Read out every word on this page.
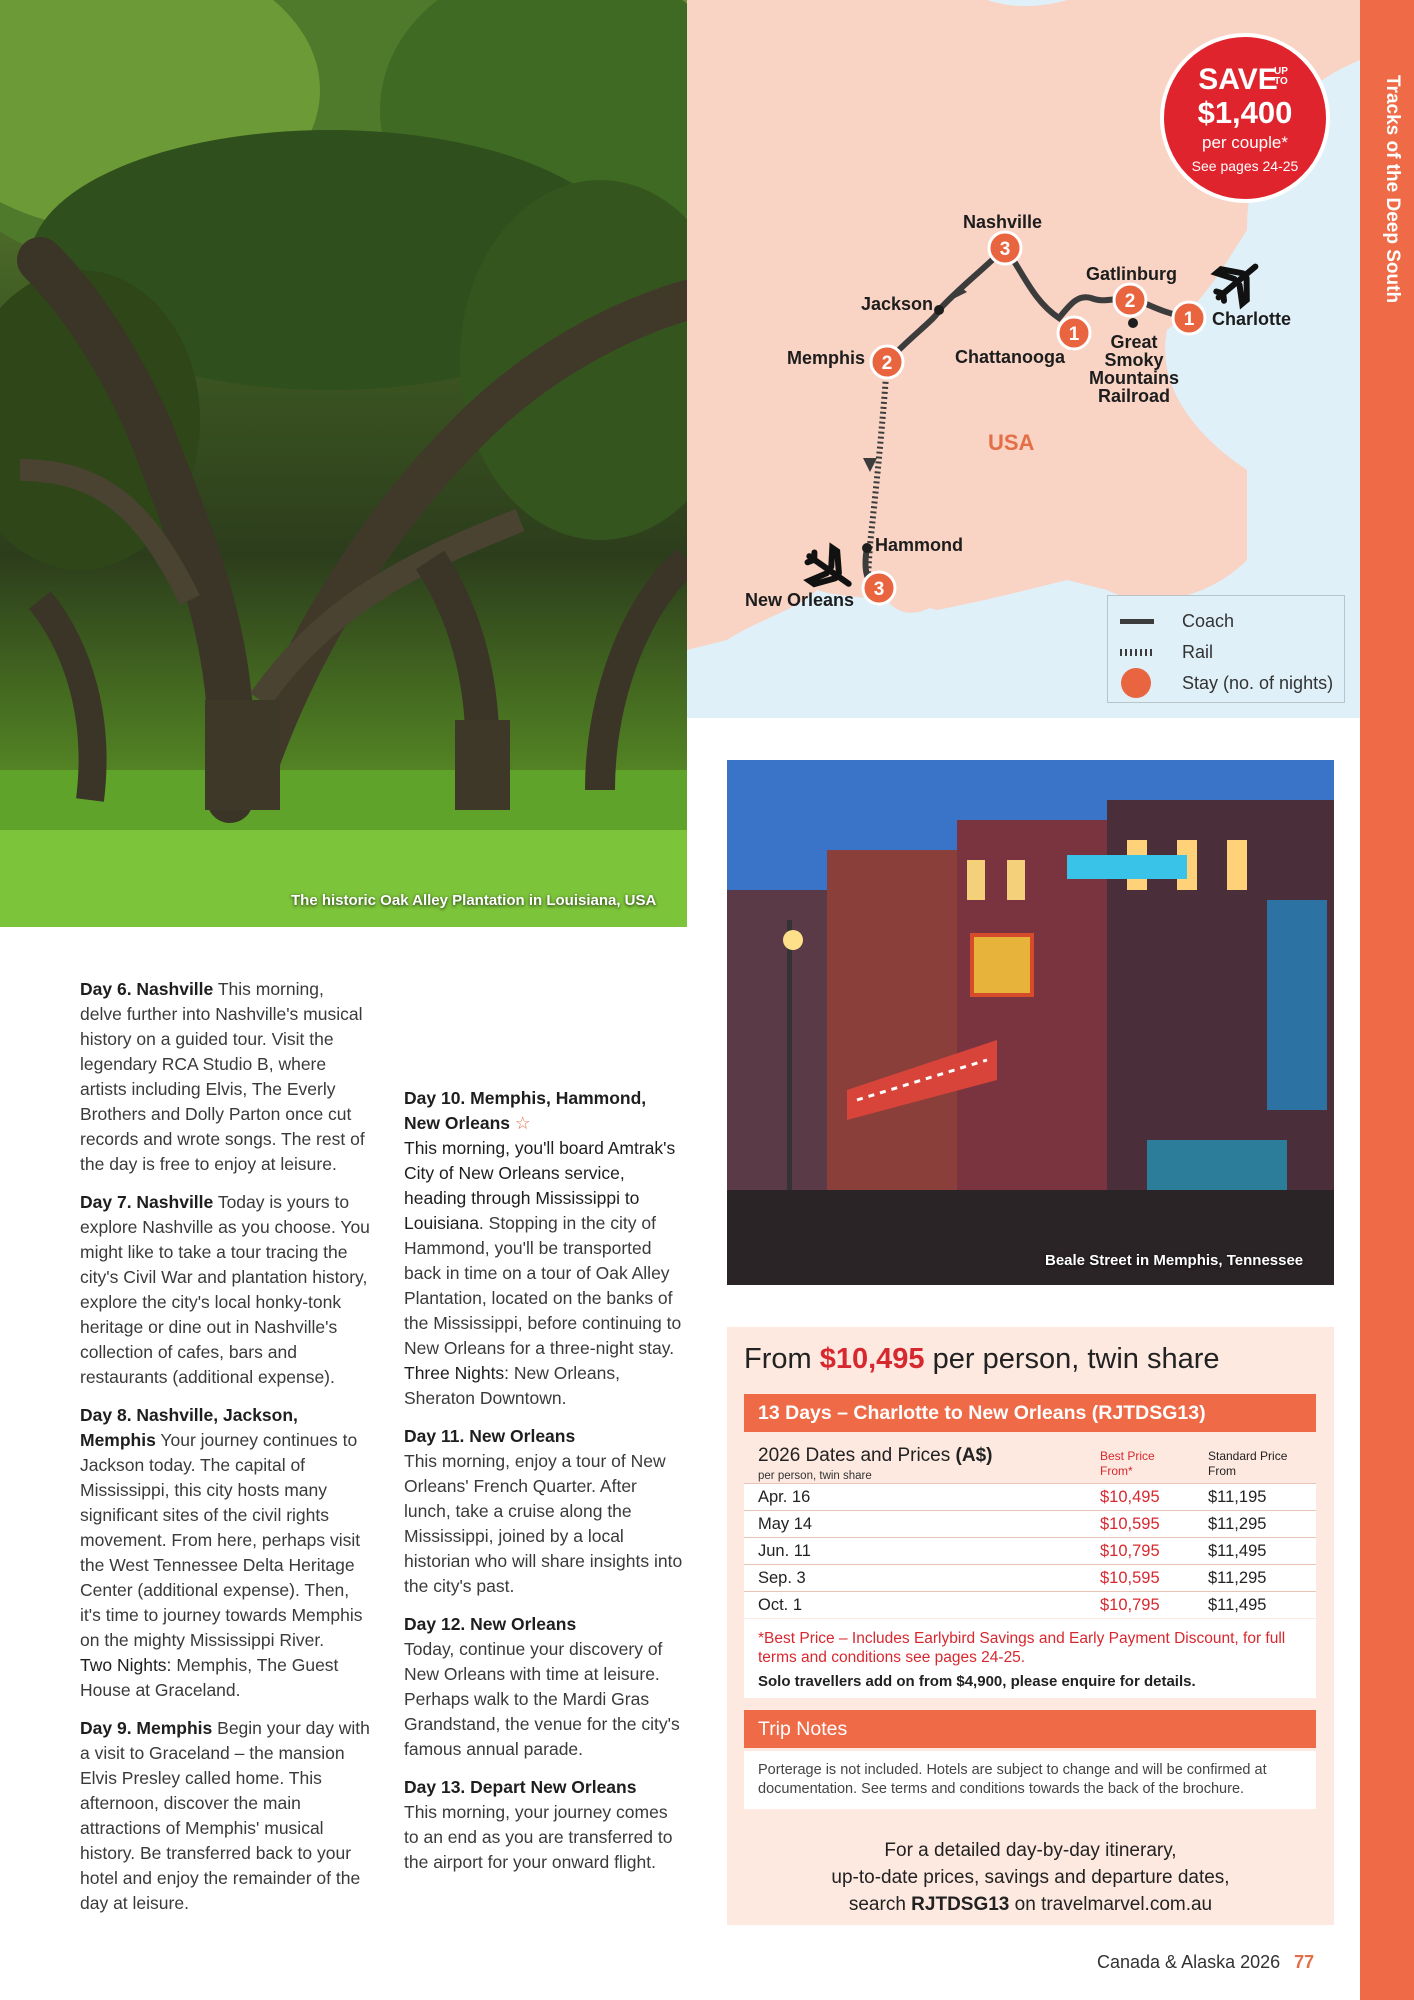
The historic Oak Alley Plantation in Louisiana, USA
3
2
1
2
1
3
Nashville
Jackson
Memphis	Chattanooga
Gatlinburg
Charlotte
Great
Smoky
Mountains
Railroad
Hammond
New Orleans
USA
SAVE
UP
TO
$1,400
per couple*
See pages 24-25
Coach
Rail
Stay (no. of nights)
Tracks of the Deep South

Day 6. Nashville This morning, delve further into Nashville's musical history on a guided tour. Visit the legendary RCA Studio B, where artists including Elvis, The Everly Brothers and Dolly Parton once cut records and wrote songs. The rest of the day is free to enjoy at leisure.

Day 7. Nashville Today is yours to explore Nashville as you choose. You might like to take a tour tracing the city's Civil War and plantation history, explore the city's local honky-tonk heritage or dine out in Nashville's collection of cafes, bars and restaurants (additional expense).

Day 8. Nashville, Jackson, Memphis Your journey continues to Jackson today. The capital of Mississippi, this city hosts many significant sites of the civil rights movement. From here, perhaps visit the West Tennessee Delta Heritage Center (additional expense). Then, it's time to journey towards Memphis on the mighty Mississippi River.
Two Nights: Memphis, The Guest House at Graceland.

Day 9. Memphis Begin your day with a visit to Graceland – the mansion Elvis Presley called home. This afternoon, discover the main attractions of Memphis' musical history. Be transferred back to your hotel and enjoy the remainder of the day at leisure.

Day 10. Memphis, Hammond, New Orleans ☆
This morning, you'll board Amtrak's City of New Orleans service, heading through Mississippi to Louisiana. Stopping in the city of Hammond, you'll be transported back in time on a tour of Oak Alley Plantation, located on the banks of the Mississippi, before continuing to New Orleans for a three-night stay.
Three Nights: New Orleans, Sheraton Downtown.

Day 11. New Orleans
This morning, enjoy a tour of New Orleans' French Quarter. After lunch, take a cruise along the Mississippi, joined by a local historian who will share insights into the city's past.

Day 12. New Orleans
Today, continue your discovery of New Orleans with time at leisure. Perhaps walk to the Mardi Gras Grandstand, the venue for the city's famous annual parade.

Day 13. Depart New Orleans
This morning, your journey comes to an end as you are transferred to the airport for your onward flight.

Beale Street in Memphis, Tennessee
From $10,495 per person, twin share
13 Days – Charlotte to New Orleans (RJTDSG13)
2026 Dates and Prices (A$)
per person, twin share
Best Price
From*
Standard Price
From
Apr. 16	$10,495	$11,195
May 14	$10,595	$11,295
Jun. 11	$10,795	$11,495
Sep. 3	$10,595	$11,295
Oct. 1	$10,795	$11,495
*Best Price – Includes Earlybird Savings and Early Payment Discount, for full terms and conditions see pages 24-25.
Solo travellers add on from $4,900, please enquire for details.
Trip Notes
Porterage is not included. Hotels are subject to change and will be confirmed at documentation. See terms and conditions towards the back of the brochure.
For a detailed day-by-day itinerary,
up-to-date prices, savings and departure dates,
search RJTDSG13 on travelmarvel.com.au
Canada & Alaska 2026 77
